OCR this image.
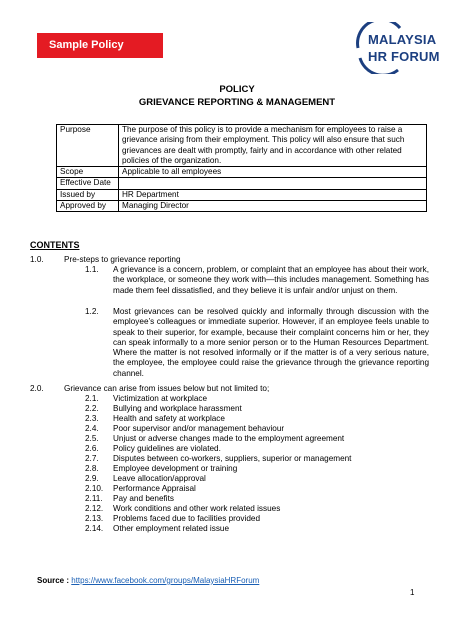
Sample Policy	MALAYSIA
HR FORUM
POLICY
GRIEVANCE REPORTING & MANAGEMENT
Purpose	The purpose of this policy is to provide a mechanism for employees to raise a grievance arising from their employment. This policy will also ensure that such grievances are dealt with promptly, fairly and in accordance with other related policies of the organization.
Scope	Applicable to all employees
Effective Date	
Issued by	HR Department
Approved by	Managing Director
CONTENTS
1.0. Pre-steps to grievance reporting
1.1. A grievance is a concern, problem, or complaint that an employee has about their work, the workplace, or someone they work with—this includes management. Something has made them feel dissatisfied, and they believe it is unfair and/or unjust on them.
1.2. Most grievances can be resolved quickly and informally through discussion with the employee’s colleagues or immediate superior. However, if an employee feels unable to speak to their superior, for example, because their complaint concerns him or her, they can speak informally to a more senior person or to the Human Resources Department. Where the matter is not resolved informally or if the matter is of a very serious nature, the employee, the employee could raise the grievance through the grievance reporting channel.
2.0. Grievance can arise from issues below but not limited to;
2.1. Victimization at workplace
2.2. Bullying and workplace harassment
2.3. Health and safety at workplace
2.4. Poor supervisor and/or management behaviour
2.5. Unjust or adverse changes made to the employment agreement
2.6. Policy guidelines are violated.
2.7. Disputes between co-workers, suppliers, superior or management
2.8. Employee development or training
2.9. Leave allocation/approval
2.10. Performance Appraisal
2.11. Pay and benefits
2.12. Work conditions and other work related issues
2.13. Problems faced due to facilities provided
2.14. Other employment related issue
Source : https://www.facebook.com/groups/MalaysiaHRForum
1
